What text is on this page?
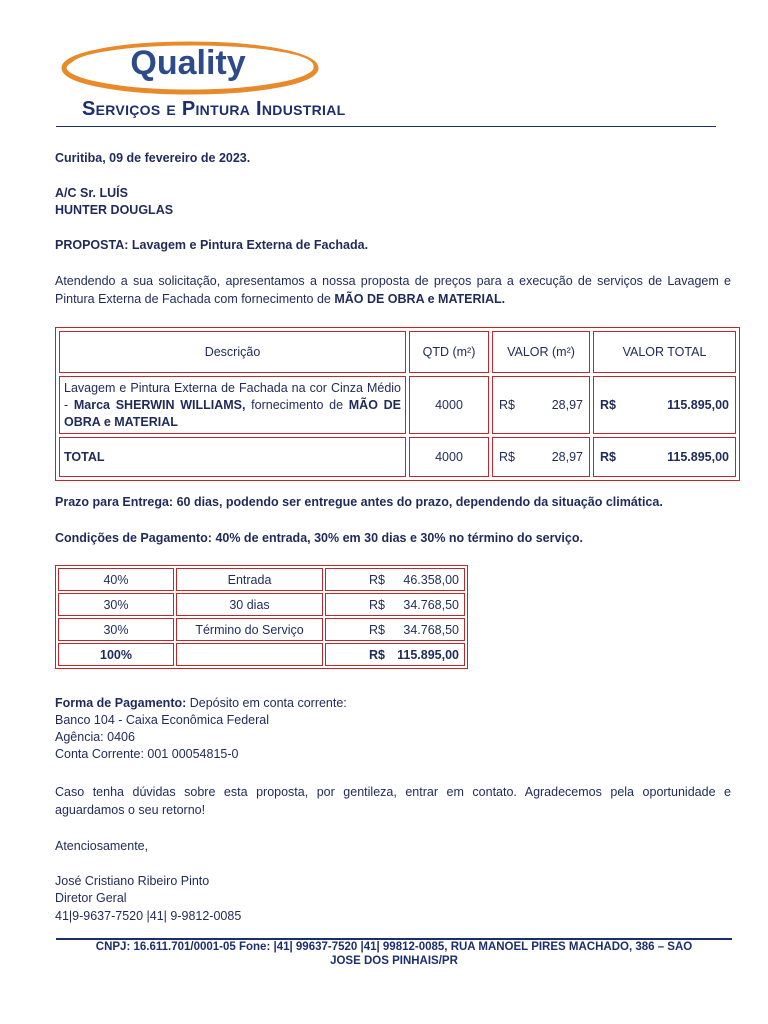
Quality
Serviços e Pintura Industrial
Curitiba, 09 de fevereiro de 2023.
A/C Sr. LUÍS
HUNTER DOUGLAS
PROPOSTA: Lavagem e Pintura Externa de Fachada.
Atendendo a sua solicitação, apresentamos a nossa proposta de preços para a execução de serviços de Lavagem e Pintura Externa de Fachada com fornecimento de MÃO DE OBRA e MATERIAL.
Descrição	QTD (m²)	VALOR (m²)	VALOR TOTAL
Lavagem e Pintura Externa de Fachada na cor Cinza Médio - Marca SHERWIN WILLIAMS, fornecimento de MÃO DE OBRA e MATERIAL	4000	R$ 28,97	R$ 115.895,00

TOTAL	4000	R$ 28,97	R$ 115.895,00
Prazo para Entrega: 60 dias, podendo ser entregue antes do prazo, dependendo da situação climática.
Condições de Pagamento: 40% de entrada, 30% em 30 dias e 30% no término do serviço.
40%	Entrada	R$ 46.358,00

30%	30 dias	R$ 34.768,50

30%	Término do Serviço	R$ 34.768,50

100%		R$ 115.895,00
Forma de Pagamento: Depósito em conta corrente:
Banco 104 - Caixa Econômica Federal
Agência: 0406
Conta Corrente: 001 00054815-0
Caso tenha dúvidas sobre esta proposta, por gentileza, entrar em contato. Agradecemos pela oportunidade e aguardamos o seu retorno!
Atenciosamente,
José Cristiano Ribeiro Pinto
Diretor Geral
41|9-9637-7520 |41| 9-9812-0085
CNPJ: 16.611.701/0001-05 Fone: |41| 99637-7520 |41| 99812-0085, RUA MANOEL PIRES MACHADO, 386 – SAO
JOSE DOS PINHAIS/PR
